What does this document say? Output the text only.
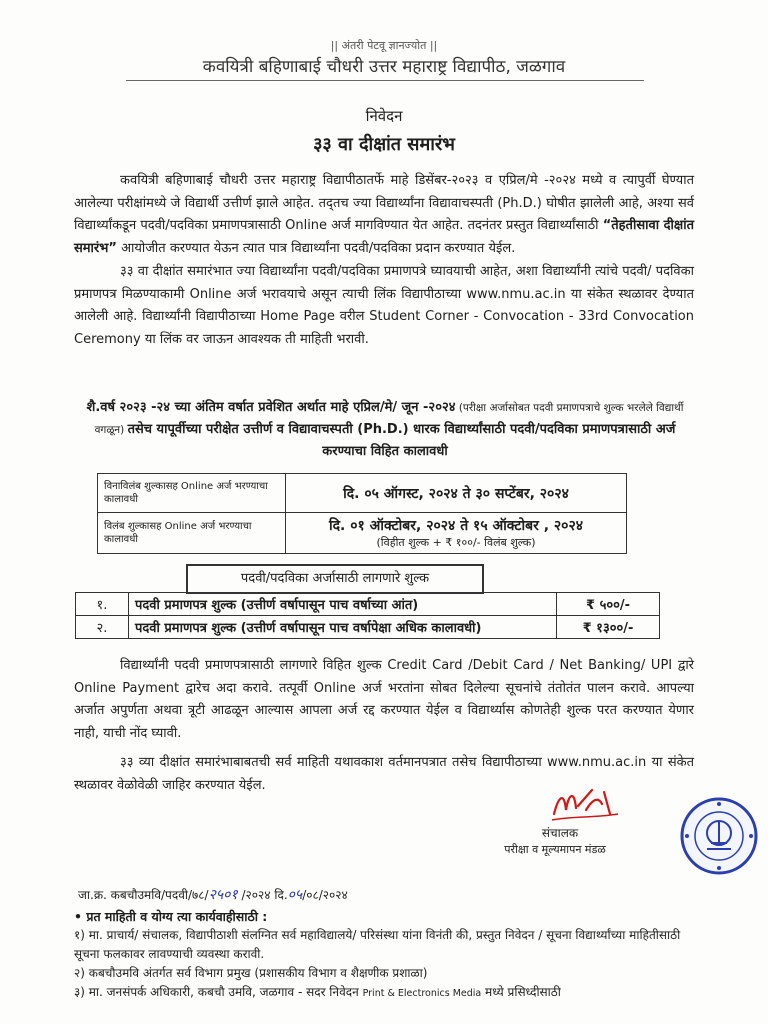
|| अंतरी पेटवू ज्ञानज्योत ||
कवयित्री बहिणाबाई चौधरी उत्तर महाराष्ट्र विद्यापीठ, जळगाव
निवेदन
३३ वा दीक्षांत समारंभ

कवयित्री बहिणाबाई चौधरी उत्तर महाराष्ट्र विद्यापीठातर्फे माहे डिसेंबर-२०२३ व एप्रिल/मे -२०२४ मध्ये व त्यापुर्वी घेण्यात आलेल्या परीक्षांमध्ये जे विद्यार्थी उत्तीर्ण झाले आहेत. तद्‌तच ज्या विद्यार्थ्यांना विद्यावाचस्पती (Ph.D.) घोषीत झालेली आहे, अश्या सर्व विद्यार्थ्यांकडून पदवी/पदविका प्रमाणपत्रासाठी Online अर्ज मागविण्यात येत आहेत. तदनंतर प्रस्तुत विद्यार्थ्यांसाठी “तेहतीसावा दीक्षांत समारंभ” आयोजीत करण्यात येऊन त्यात पात्र विद्यार्थ्यांना पदवी/पदविका प्रदान करण्यात येईल.

३३ वा दीक्षांत समारंभात ज्या विद्यार्थ्यांना पदवी/पदविका प्रमाणपत्रे घ्यावयाची आहेत, अशा विद्यार्थ्यांनी त्यांचे पदवी/ पदविका प्रमाणपत्र मिळण्याकामी Online अर्ज भरावयाचे असून त्याची लिंक विद्यापीठाच्या www.nmu.ac.in या संकेत स्थळावर देण्यात आलेली आहे. विद्यार्थ्यांनी विद्यापीठाच्या Home Page वरील Student Corner - Convocation - 33rd Convocation Ceremony या लिंक वर जाऊन आवश्यक ती माहिती भरावी.

शै.वर्ष २०२३ -२४ च्या अंतिम वर्षात प्रवेशित अर्थात माहे एप्रिल/मे/ जून -२०२४ (परीक्षा अर्जासोबत पदवी प्रमाणपत्राचे शुल्क भरलेले विद्यार्थी वगळून) तसेच यापूर्वीच्या परीक्षेत उत्तीर्ण व विद्यावाचस्पती (Ph.D.) धारक विद्यार्थ्यांसाठी पदवी/पदविका प्रमाणपत्रासाठी अर्ज करण्याचा विहित कालावधी
विनाविलंब शुल्कासह Online अर्ज भरण्याचा कालावधी	दि. ०५ ऑगस्ट, २०२४ ते ३० सप्टेंबर, २०२४
विलंब शुल्कासह Online अर्ज भरण्याचा कालावधी	दि. ०१ ऑक्टोबर, २०२४ ते १५ ऑक्टोबर , २०२४
(विहीत शुल्क + ₹ १००/- विलंब शुल्क)
१.	पदवी प्रमाणपत्र शुल्क (उत्तीर्ण वर्षापासून पाच वर्षाच्या आंत)	₹ ५००/-
२.	पदवी प्रमाणपत्र शुल्क (उत्तीर्ण वर्षापासून पाच वर्षापेक्षा अधिक कालावधी)	₹ १३००/-
पदवी/पदविका अर्जासाठी लागणारे शुल्क

विद्यार्थ्यांनी पदवी प्रमाणपत्रासाठी लागणारे विहित शुल्क Credit Card /Debit Card / Net Banking/ UPI द्वारे Online Payment द्वारेच अदा करावे. तत्पूर्वी Online अर्ज भरतांना सोबत दिलेल्या सूचनांचे तंतोतंत पालन करावे. आपल्या अर्जात अपुर्णता अथवा त्रूटी आढळून आल्यास आपला अर्ज रद्द करण्यात येईल व विद्यार्थ्यास कोणतेही शुल्क परत करण्यात येणार नाही, याची नोंद घ्यावी.

३३ व्या दीक्षांत समारंभाबाबतची सर्व माहिती यथावकाश वर्तमानपत्रात तसेच विद्यापीठाच्या www.nmu.ac.in या संकेत स्थळावर वेळोवेळी जाहिर करण्यात येईल.

संचालक
परीक्षा व मूल्यमापन मंडळ
जा.क्र. कबचौउमवि/पदवी/७८/२५०१ /२०२४ दि.०५/०८/२०२४
• प्रत माहिती व योग्य त्या कार्यवाहीसाठी :

१) मा. प्राचार्य/ संचालक, विद्यापीठाशी संलग्नित सर्व महाविद्यालये/ परिसंस्था यांना विनंती की, प्रस्तुत निवेदन / सूचना विद्यार्थ्यांच्या माहितीसाठी सूचना फलकावर लावण्याची व्यवस्था करावी.

२) कबचौउमवि अंतर्गत सर्व विभाग प्रमुख (प्रशासकीय विभाग व शैक्षणीक प्रशाळा)

३) मा. जनसंपर्क अधिकारी, कबचौ उमवि, जळगाव - सदर निवेदन Print & Electronics Media मध्ये प्रसिध्दीसाठी
